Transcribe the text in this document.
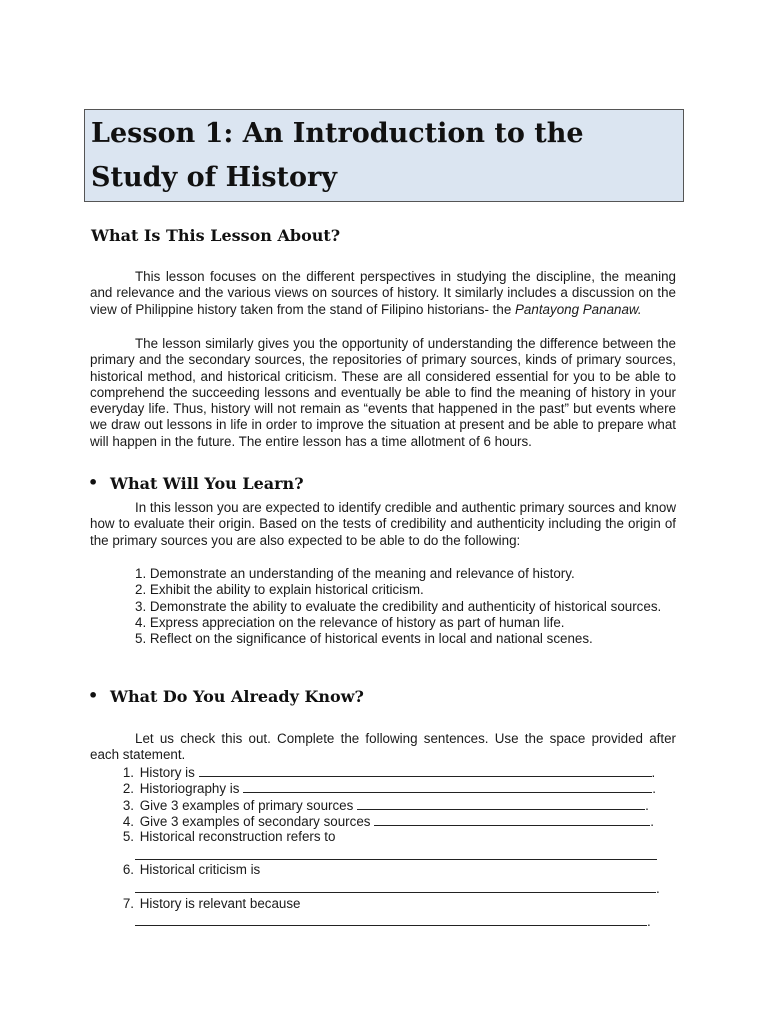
Lesson 1: An Introduction to the Study of History
What Is This Lesson About?

This lesson focuses on the different perspectives in studying the discipline, the meaning and relevance and the various views on sources of history. It similarly includes a discussion on the view of Philippine history taken from the stand of Filipino historians- the Pantayong Pananaw.

The lesson similarly gives you the opportunity of understanding the difference between the primary and the secondary sources, the repositories of primary sources, kinds of primary sources, historical method, and historical criticism. These are all considered essential for you to be able to comprehend the succeeding lessons and eventually be able to find the meaning of history in your everyday life. Thus, history will not remain as “events that happened in the past” but events where we draw out lessons in life in order to improve the situation at present and be able to prepare what will happen in the future. The entire lesson has a time allotment of 6 hours.

• What Will You Learn?

In this lesson you are expected to identify credible and authentic primary sources and know how to evaluate their origin. Based on the tests of credibility and authenticity including the origin of the primary sources you are also expected to be able to do the following:

1. Demonstrate an understanding of the meaning and relevance of history.
2. Exhibit the ability to explain historical criticism.
3. Demonstrate the ability to evaluate the credibility and authenticity of historical sources.
4. Express appreciation on the relevance of history as part of human life.
5. Reflect on the significance of historical events in local and national scenes.
• What Do You Already Know?

Let us check this out. Complete the following sentences. Use the space provided after each statement.

1. History is	.
2. Historiography is	.
3. Give 3 examples of primary sources	.
4. Give 3 examples of secondary sources	.
5. Historical reconstruction refers to
6. Historical criticism is
.
7. History is relevant because
.
